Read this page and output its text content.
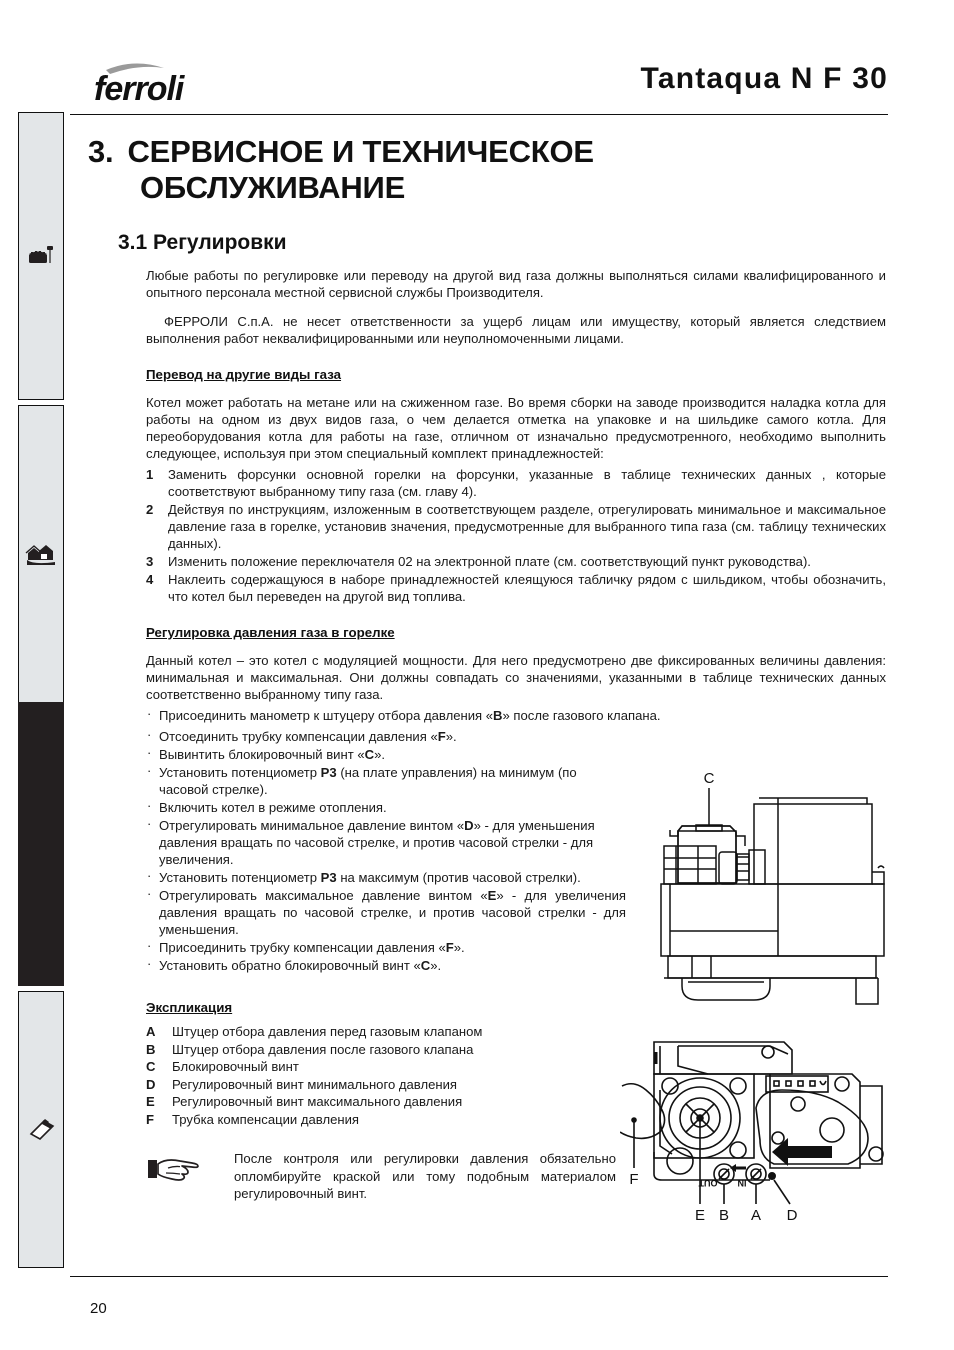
ferroli	Tantaqua N F 30
3. СЕРВИСНОЕ И ТЕХНИЧЕСКОЕ
ОБСЛУЖИВАНИЕ
3.1 Регулировки

Любые работы по регулировке или переводу на другой вид газа должны выполняться силами квалифицированного и опытного персонала местной сервисной службы Производителя.

ФЕРРОЛИ С.п.А. не несет ответственности за ущерб лицам или имуществу, который является следствием выполнения работ неквалифицированными или неуполномоченными лицами.

Перевод на другие виды газа

Котел может работать на метане или на сжиженном газе. Во время сборки на заводе производится наладка котла для работы на одном из двух видов газа, о чем делается отметка на упаковке и на шильдике самого котла. Для переоборудования котла для работы на газе, отличном от изначально предусмотренного, необходимо выполнить следующее, используя при этом специальный комплект принадлежностей:

1 Заменить форсунки основной горелки на форсунки, указанные в таблице технических данных , которые соответствуют выбранному типу газа (см. главу 4).
2 Действуя по инструкциям, изложенным в соответствующем разделе, отрегулировать минимальное и максимальное давление газа в горелке, установив значения, предусмотренные для выбранного типа газа (см. таблицу технических данных).
3 Изменить положение переключателя 02 на электронной плате (см. соответствующий пункт руководства).
4 Наклеить содержащуюся в наборе принадлежностей клеящуюся табличку рядом с шильдиком, чтобы обозначить, что котел был переведен на другой вид топлива.
Регулировка давления газа в горелке

Данный котел – это котел с модуляцией мощности. Для него предусмотрено две фиксированных величины давления: минимальная и максимальная. Они должны совпадать со значениями, указанными в таблице технических данных соответственно выбранному типу газа.

· Присоединить манометр к штуцеру отбора давления «B» после газового клапана.
· Отсоединить трубку компенсации давления «F».
· Вывинтить блокировочный винт «C».
· Установить потенциометр P3 (на плате управления) на минимум (по часовой стрелке).
· Включить котел в режиме отопления.
· Отрегулировать минимальное давление винтом «D» - для уменьшения давления вращать по часовой стрелке, и против часовой стрелки - для увеличения.
· Установить потенциометр P3 на максимум (против часовой стрелки).
· Отрегулировать максимальное давление винтом «E» - для увеличения давления вращать по часовой стрелке, и против часовой стрелки - для уменьшения.
· Присоединить трубку компенсации давления «F».
· Установить обратно блокировочный винт «C».
Экспликация
A	Штуцер отбора давления перед газовым клапаном
B	Штуцер отбора давления после газового клапана
C	Блокировочный винт
D	Регулировочный винт минимального давления
E	Регулировочный винт максимального давления
F	Трубка компенсации давления
После контроля или регулировки давления обязательно опломбируйте краской или тому подобным материалом регулировочный винт.
C
OUT IN
F
E B A D
20
